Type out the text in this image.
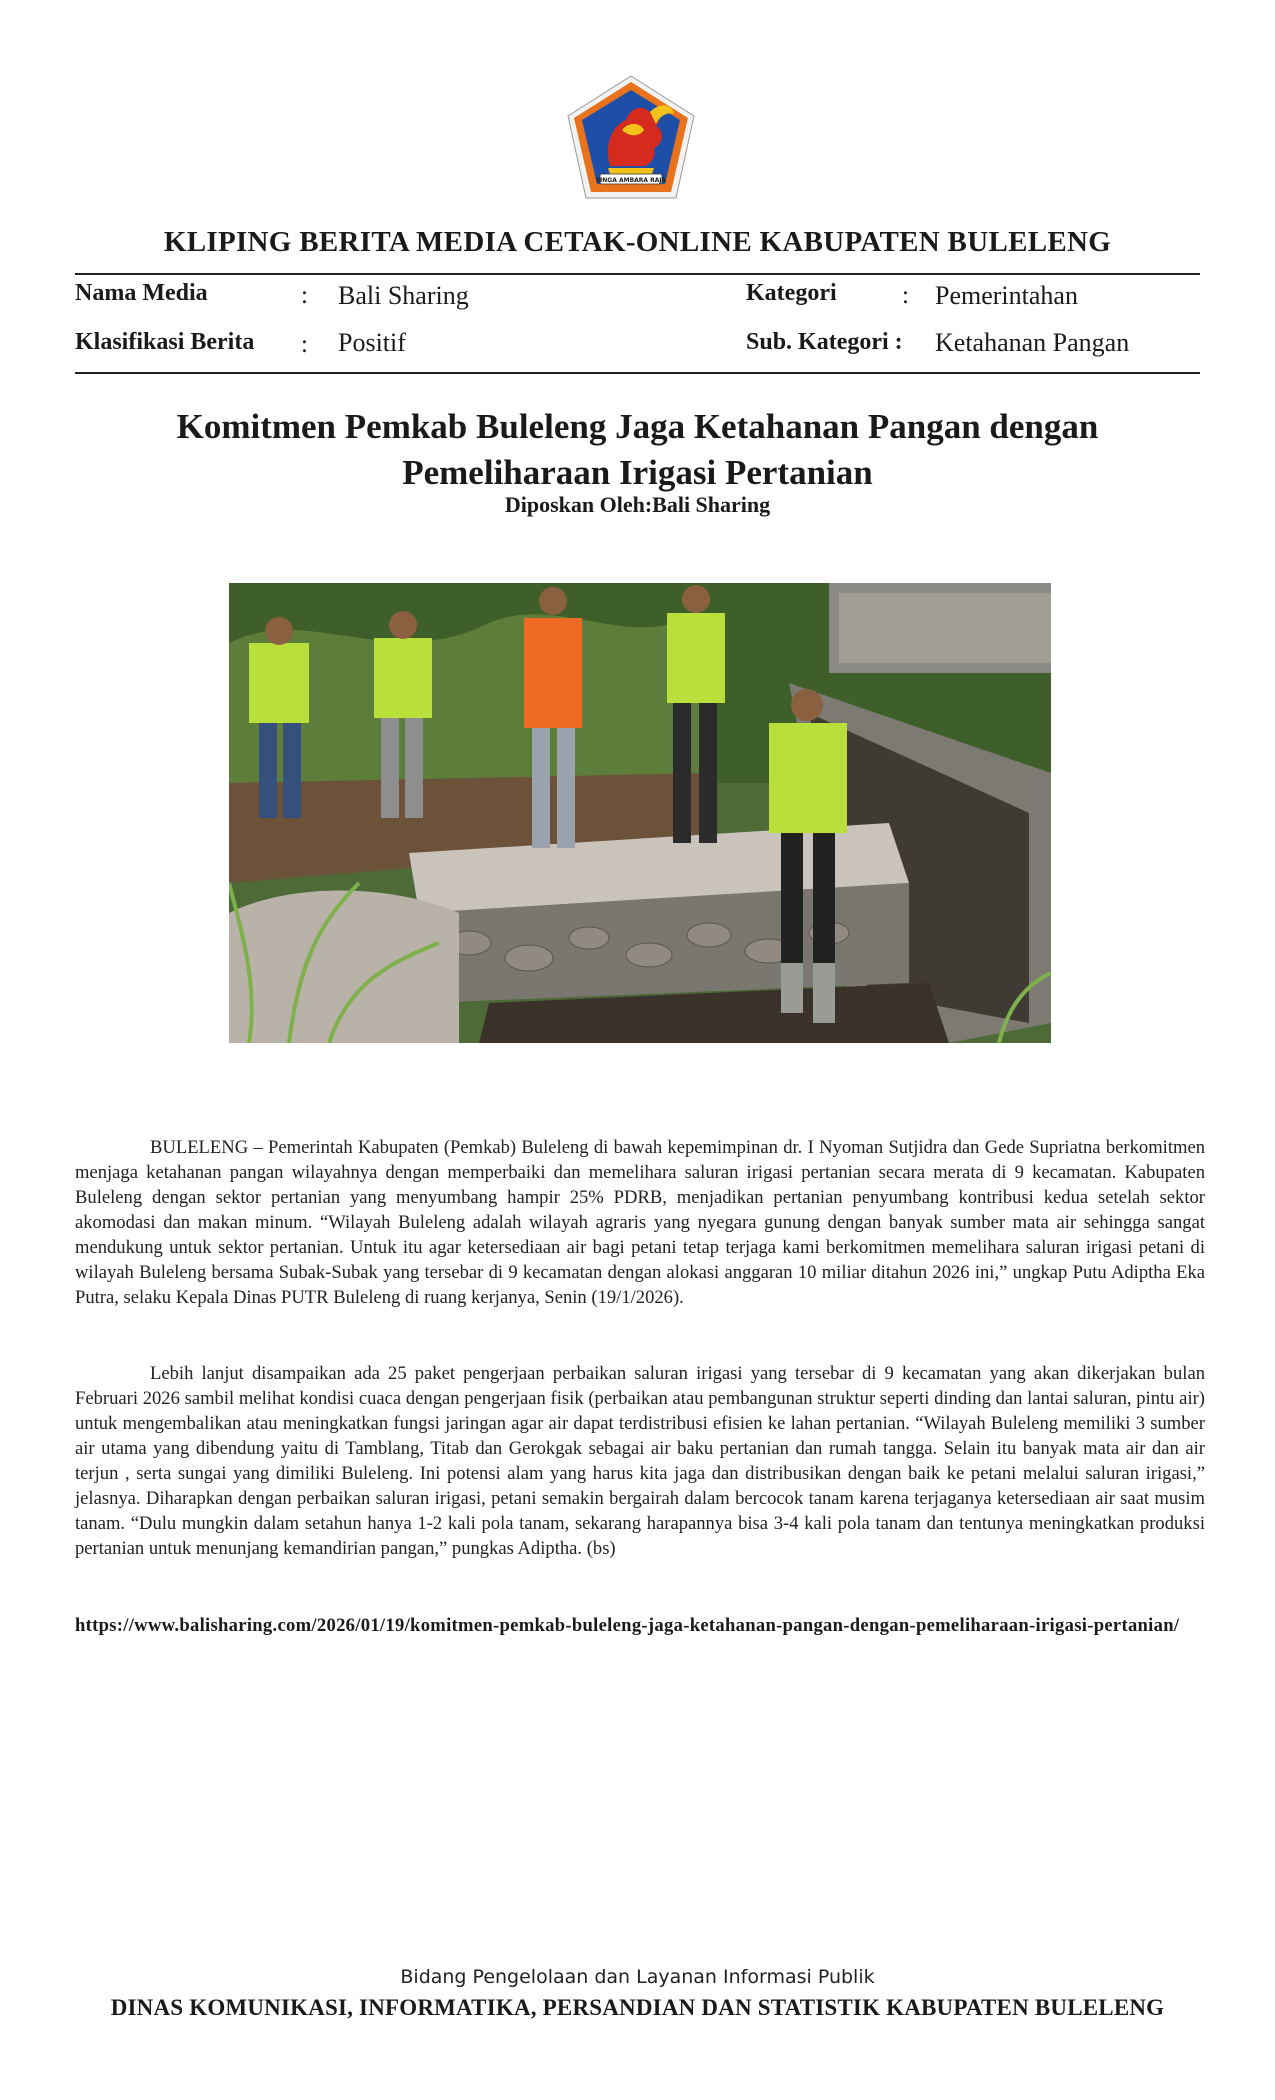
SINGA AMBARA RAJA
KLIPING BERITA MEDIA CETAK-ONLINE KABUPATEN BULELENG
Nama Media	: Bali Sharing
Klasifikasi Berita : Positif
Kategori	: Pemerintahan
Sub. Kategori : Ketahanan Pangan
Komitmen Pemkab Buleleng Jaga Ketahanan Pangan dengan
Pemeliharaan Irigasi Pertanian
Diposkan Oleh:Bali Sharing
BULELENG – Pemerintah Kabupaten (Pemkab) Buleleng di bawah kepemimpinan dr. I Nyoman Sutjidra dan Gede Supriatna berkomitmen menjaga ketahanan pangan wilayahnya dengan memperbaiki dan memelihara saluran irigasi pertanian secara merata di 9 kecamatan. Kabupaten Buleleng dengan sektor pertanian yang menyumbang hampir 25% PDRB, menjadikan pertanian penyumbang kontribusi kedua setelah sektor akomodasi dan makan minum. “Wilayah Buleleng adalah wilayah agraris yang nyegara gunung dengan banyak sumber mata air sehingga sangat mendukung untuk sektor pertanian. Untuk itu agar ketersediaan air bagi petani tetap terjaga kami berkomitmen memelihara saluran irigasi petani di wilayah Buleleng bersama Subak-Subak yang tersebar di 9 kecamatan dengan alokasi anggaran 10 miliar ditahun 2026 ini,” ungkap Putu Adiptha Eka Putra, selaku Kepala Dinas PUTR Buleleng di ruang kerjanya, Senin (19/1/2026).
Lebih lanjut disampaikan ada 25 paket pengerjaan perbaikan saluran irigasi yang tersebar di 9 kecamatan yang akan dikerjakan bulan Februari 2026 sambil melihat kondisi cuaca dengan pengerjaan fisik (perbaikan atau pembangunan struktur seperti dinding dan lantai saluran, pintu air) untuk mengembalikan atau meningkatkan fungsi jaringan agar air dapat terdistribusi efisien ke lahan pertanian. “Wilayah Buleleng memiliki 3 sumber air utama yang dibendung yaitu di Tamblang, Titab dan Gerokgak sebagai air baku pertanian dan rumah tangga. Selain itu banyak mata air dan air terjun , serta sungai yang dimiliki Buleleng. Ini potensi alam yang harus kita jaga dan distribusikan dengan baik ke petani melalui saluran irigasi,” jelasnya. Diharapkan dengan perbaikan saluran irigasi, petani semakin bergairah dalam bercocok tanam karena terjaganya ketersediaan air saat musim tanam. “Dulu mungkin dalam setahun hanya 1-2 kali pola tanam, sekarang harapannya bisa 3-4 kali pola tanam dan tentunya meningkatkan produksi pertanian untuk menunjang kemandirian pangan,” pungkas Adiptha. (bs)
https://www.balisharing.com/2026/01/19/komitmen-pemkab-buleleng-jaga-ketahanan-pangan-dengan-pemeliharaan-irigasi-pertanian/
Bidang Pengelolaan dan Layanan Informasi Publik
DINAS KOMUNIKASI, INFORMATIKA, PERSANDIAN DAN STATISTIK KABUPATEN BULELENG
